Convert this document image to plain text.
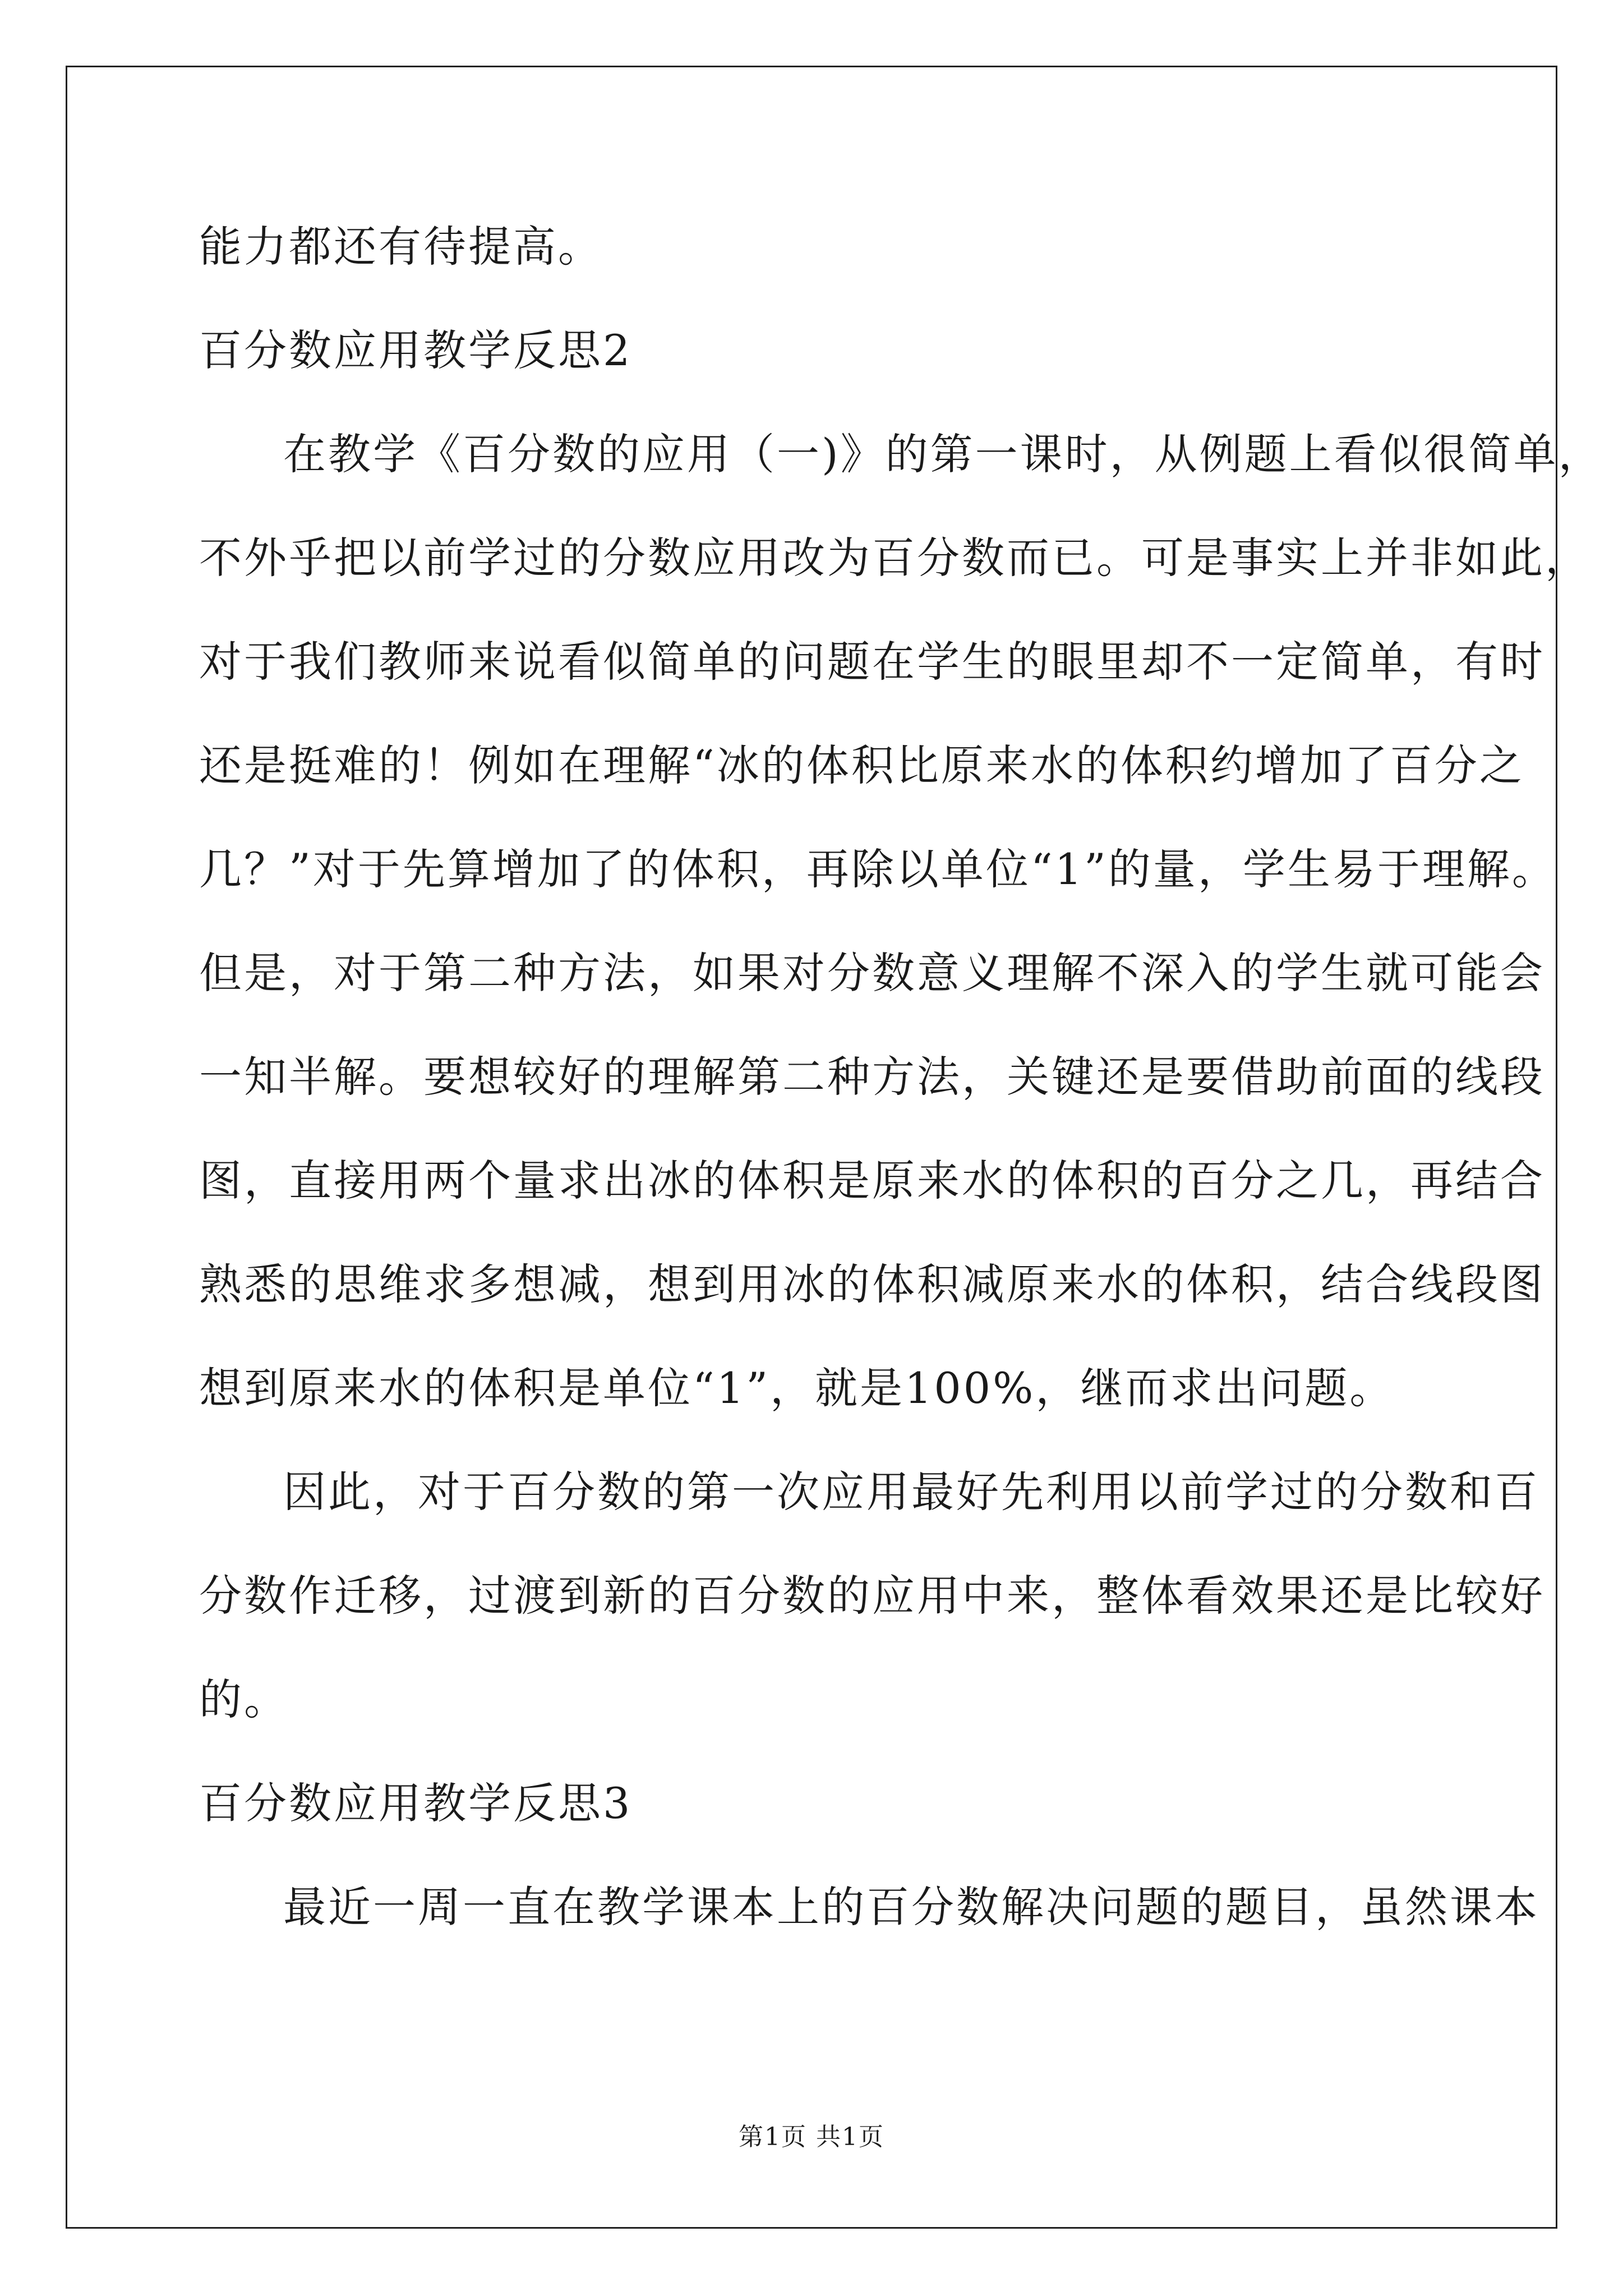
能力都还有待提高。
百分数应用教学反思2
在教学《百分数的应用（一)》的第一课时，从例题上看似很简单，
不外乎把以前学过的分数应用改为百分数而已。可是事实上并非如此，
对于我们教师来说看似简单的问题在学生的眼里却不一定简单，有时
还是挺难的！例如在理解“冰的体积比原来水的体积约增加了百分之
几？”对于先算增加了的体积，再除以单位“1”的量，学生易于理解。
但是，对于第二种方法，如果对分数意义理解不深入的学生就可能会
一知半解。要想较好的理解第二种方法，关键还是要借助前面的线段
图，直接用两个量求出冰的体积是原来水的体积的百分之几，再结合
熟悉的思维求多想减，想到用冰的体积减原来水的体积，结合线段图
想到原来水的体积是单位“1”，就是100%，继而求出问题。
因此，对于百分数的第一次应用最好先利用以前学过的分数和百
分数作迁移，过渡到新的百分数的应用中来，整体看效果还是比较好
的。
百分数应用教学反思3
最近一周一直在教学课本上的百分数解决问题的题目，虽然课本
第1页 共1页
